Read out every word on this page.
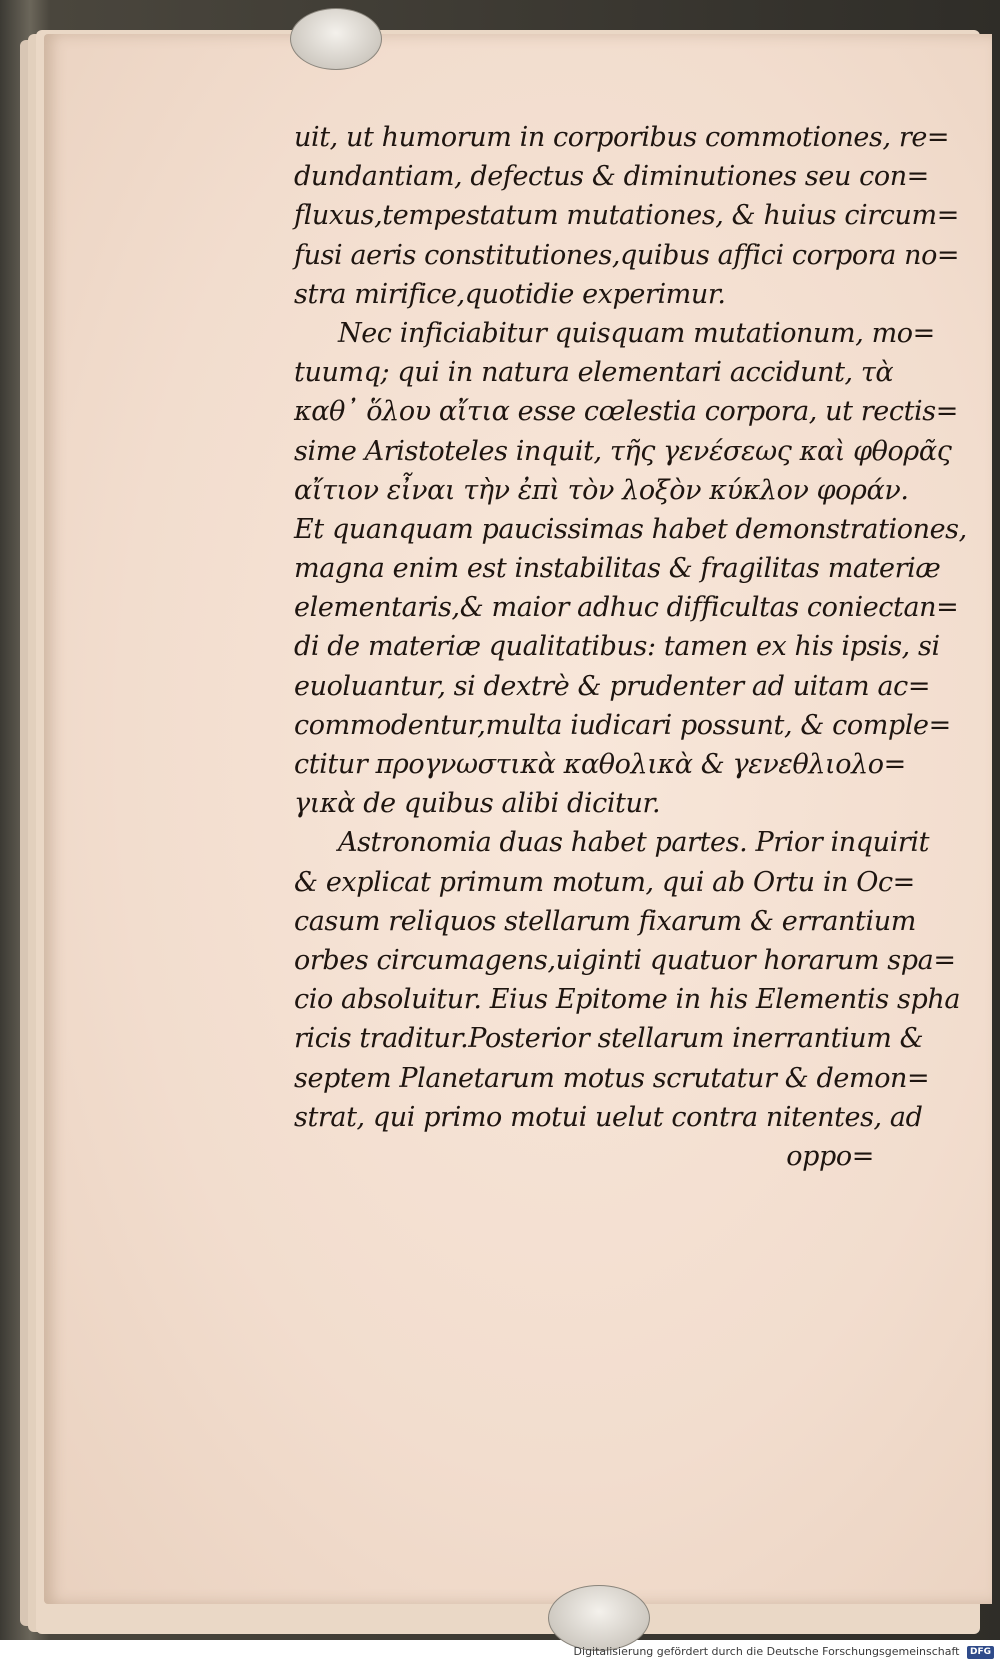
uit, ut humorum in corporibus commotiones, re=
dundantiam, defectus & diminutiones seu con=
fluxus,tempestatum mutationes, & huius circum=
fusi aeris constitutiones,quibus affici corpora no=
stra mirifice,quotidie experimur.
Nec inficiabitur quisquam mutationum, mo=
tuumq; qui in natura elementari accidunt, τὰ
καθ᾽ ὅλου αἴτια esse cœlestia corpora, ut rectis=
sime Aristoteles inquit, τῆς γενέσεως καὶ φθορᾶς
αἴτιον εἶναι τὴν ἐπὶ τὸν λοξὸν κύκλον φοράν.
Et quanquam paucissimas habet demonstrationes,
magna enim est instabilitas & fragilitas materiæ
elementaris,& maior adhuc difficultas coniectan=
di de materiæ qualitatibus: tamen ex his ipsis, si
euoluantur, si dextrè & prudenter ad uitam ac=
commodentur,multa iudicari possunt, & comple=
ctitur προγνωστικὰ καθολικὰ & γενεθλιολο=
γικὰ de quibus alibi dicitur.
Astronomia duas habet partes. Prior inquirit
& explicat primum motum, qui ab Ortu in Oc=
casum reliquos stellarum fixarum & errantium
orbes circumagens,uiginti quatuor horarum spa=
cio absoluitur. Eius Epitome in his Elementis spha
ricis traditur.Posterior stellarum inerrantium &
septem Planetarum motus scrutatur & demon=
strat, qui primo motui uelut contra nitentes, ad
oppo=
Digitalisierung gefördert durch die Deutsche Forschungsgemeinschaft DFG
